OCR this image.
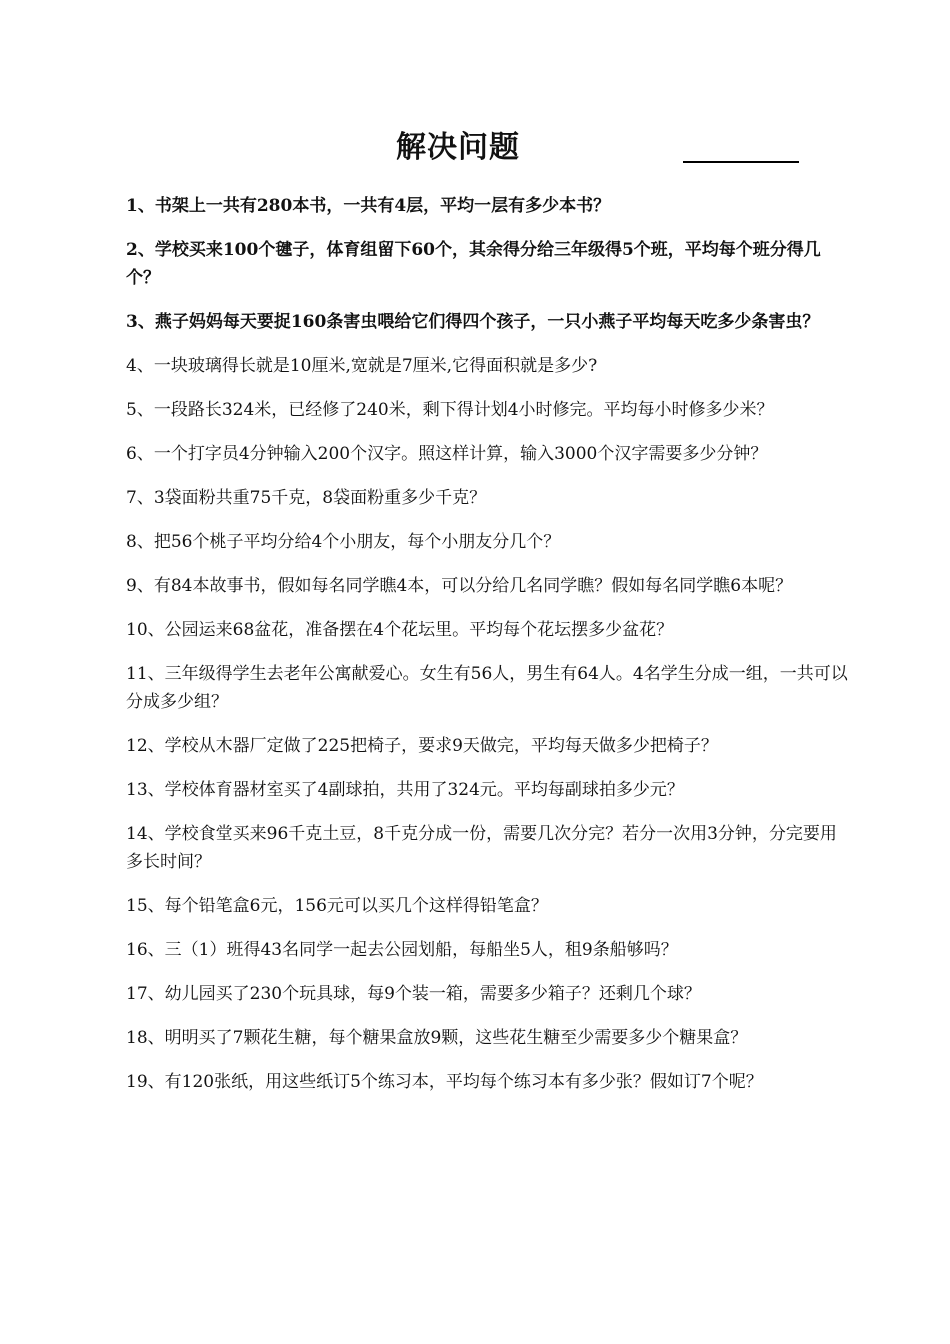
解决问题

1、书架上一共有280本书，一共有4层，平均一层有多少本书？

2、学校买来100个毽子，体育组留下60个，其余得分给三年级得5个班，平均每个班分得几个？

3、燕子妈妈每天要捉160条害虫喂给它们得四个孩子，一只小燕子平均每天吃多少条害虫？

4、一块玻璃得长就是10厘米,宽就是7厘米,它得面积就是多少?

5、一段路长324米，已经修了240米，剩下得计划4小时修完。平均每小时修多少米？

6、一个打字员4分钟输入200个汉字。照这样计算，输入3000个汉字需要多少分钟？

7、3袋面粉共重75千克，8袋面粉重多少千克？

8、把56个桃子平均分给4个小朋友，每个小朋友分几个？

9、有84本故事书，假如每名同学瞧4本，可以分给几名同学瞧？假如每名同学瞧6本呢？

10、公园运来68盆花，准备摆在4个花坛里。平均每个花坛摆多少盆花？

11、三年级得学生去老年公寓献爱心。女生有56人，男生有64人。4名学生分成一组，一共可以分成多少组？

12、学校从木器厂定做了225把椅子，要求9天做完，平均每天做多少把椅子？

13、学校体育器材室买了4副球拍，共用了324元。平均每副球拍多少元？

14、学校食堂买来96千克土豆，8千克分成一份，需要几次分完？若分一次用3分钟，分完要用多长时间？

15、每个铅笔盒6元，156元可以买几个这样得铅笔盒？

16、三（1）班得43名同学一起去公园划船，每船坐5人，租9条船够吗？

17、幼儿园买了230个玩具球，每9个装一箱，需要多少箱子？还剩几个球？

18、明明买了7颗花生糖，每个糖果盒放9颗，这些花生糖至少需要多少个糖果盒？

19、有120张纸，用这些纸订5个练习本，平均每个练习本有多少张？假如订7个呢？
